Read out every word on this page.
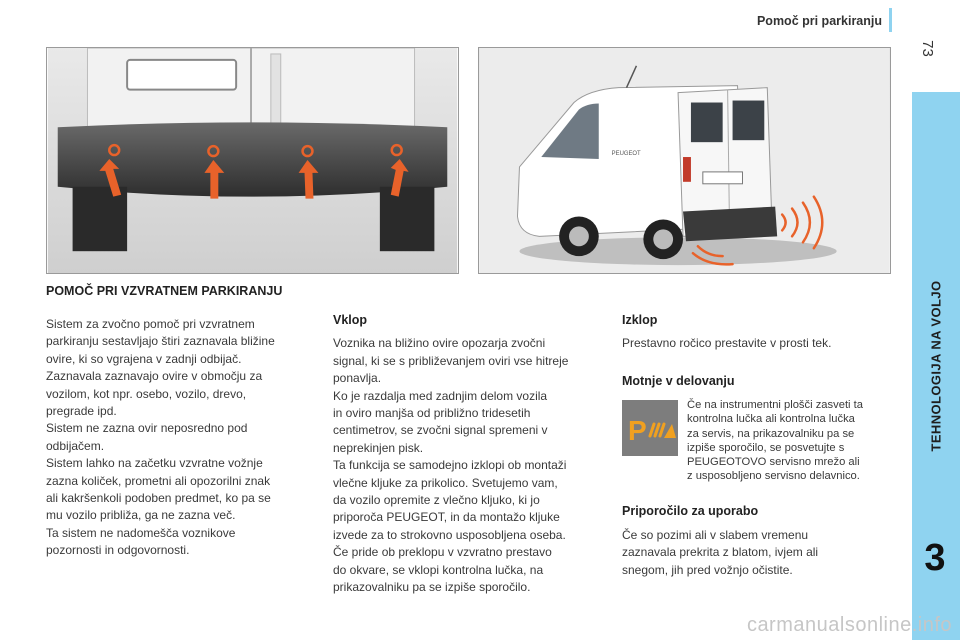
Pomoč pri parkiranju
73
TEHNOLOGIJA NA VOLJO
3
PEUGEOT
POMOČ PRI VZVRATNEM PARKIRANJU
Sistem za zvočno pomoč pri vzvratnem
parkiranju sestavljajo štiri zaznavala bližine
ovire, ki so vgrajena v zadnji odbijač.
Zaznavala zaznavajo ovire v območju za
vozilom, kot npr. osebo, vozilo, drevo,
pregrade ipd.
Sistem ne zazna ovir neposredno pod
odbijačem.
Sistem lahko na začetku vzvratne vožnje
zazna količek, prometni ali opozorilni znak
ali kakršenkoli podoben predmet, ko pa se
mu vozilo približa, ga ne zazna več.
Ta sistem ne nadomešča voznikove
pozornosti in odgovornosti.
Vklop
Voznika na bližino ovire opozarja zvočni
signal, ki se s približevanjem oviri vse hitreje
ponavlja.
Ko je razdalja med zadnjim delom vozila
in oviro manjša od približno tridesetih
centimetrov, se zvočni signal spremeni v
neprekinjen pisk.
Ta funkcija se samodejno izklopi ob montaži
vlečne kljuke za prikolico. Svetujemo vam,
da vozilo opremite z vlečno kljuko, ki jo
priporoča PEUGEOT, in da montažo kljuke
izvede za to strokovno usposobljena oseba.
Če pride ob preklopu v vzvratno prestavo
do okvare, se vklopi kontrolna lučka, na
prikazovalniku pa se izpiše sporočilo.
Izklop
Prestavno ročico prestavite v prosti tek.
Motnje v delovanju
P
Če na instrumentni plošči zasveti ta
kontrolna lučka ali kontrolna lučka
za servis, na prikazovalniku pa se
izpiše sporočilo, se posvetujte s
PEUGEOTOVO servisno mrežo ali
z usposobljeno servisno delavnico.
Priporočilo za uporabo
Če so pozimi ali v slabem vremenu
zaznavala prekrita z blatom, ivjem ali
snegom, jih pred vožnjo očistite.
carmanualsonline.info
